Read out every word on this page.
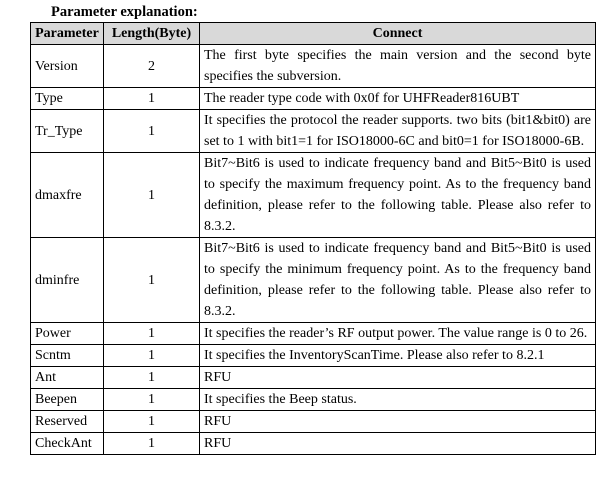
Parameter explanation:
Parameter	Length(Byte)	Connect
Version	2	The first byte specifies the main version and the second byte specifies the subversion.
Type	1	The reader type code with 0x0f for UHFReader816UBT
Tr_Type	1	It specifies the protocol the reader supports. two bits (bit1&bit0) are set to 1 with bit1=1 for ISO18000-6C and bit0=1 for ISO18000-6B.
dmaxfre	1	Bit7~Bit6 is used to indicate frequency band and Bit5~Bit0 is used to specify the maximum frequency point. As to the frequency band definition, please refer to the following table. Please also refer to 8.3.2.
dminfre	1	Bit7~Bit6 is used to indicate frequency band and Bit5~Bit0 is used to specify the minimum frequency point. As to the frequency band definition, please refer to the following table. Please also refer to 8.3.2.
Power	1	It specifies the reader’s RF output power. The value range is 0 to 26.
Scntm	1	It specifies the InventoryScanTime. Please also refer to 8.2.1
Ant	1	RFU
Beepen	1	It specifies the Beep status.
Reserved	1	RFU
CheckAnt	1	RFU
